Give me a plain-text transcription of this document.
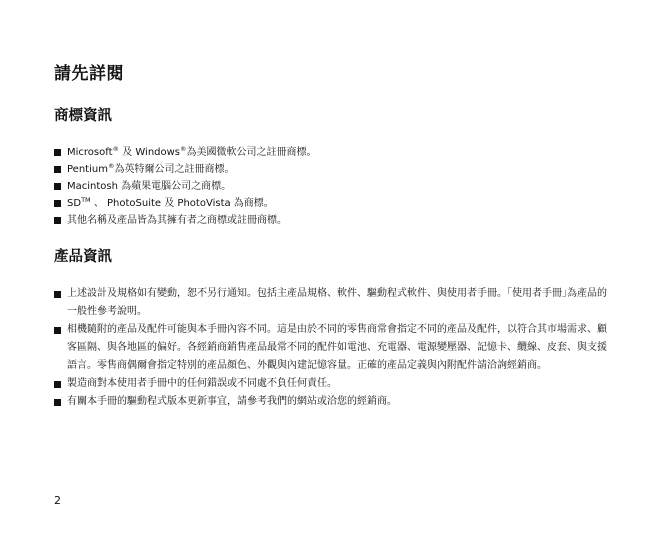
請先詳閱
商標資訊
Microsoft® 及 Windows®為美國微軟公司之註冊商標。
Pentium®為英特爾公司之註冊商標。
Macintosh 為蘋果電腦公司之商標。
SD™ 、 PhotoSuite 及 PhotoVista 為商標。
其他名稱及產品皆為其擁有者之商標或註冊商標。
產品資訊
上述設計及規格如有變動，恕不另行通知。包括主產品規格、軟件、驅動程式軟件、與使用者手冊。｢使用者手冊｣為產品的一般性參考說明。
相機隨附的產品及配件可能與本手冊內容不同。這是由於不同的零售商常會指定不同的產品及配件，以符合其市場需求、顧客區隔、與各地區的偏好。各經銷商銷售產品最常不同的配件如電池、充電器、電源變壓器、記憶卡、纜線、皮套、與支援語言。零售商偶爾會指定特別的產品顏色、外觀與內建記憶容量。正確的產品定義與內附配件請洽詢經銷商。
製造商對本使用者手冊中的任何錯誤或不同處不負任何責任。
有關本手冊的驅動程式版本更新事宜，請參考我們的網站或洽您的經銷商。

2
